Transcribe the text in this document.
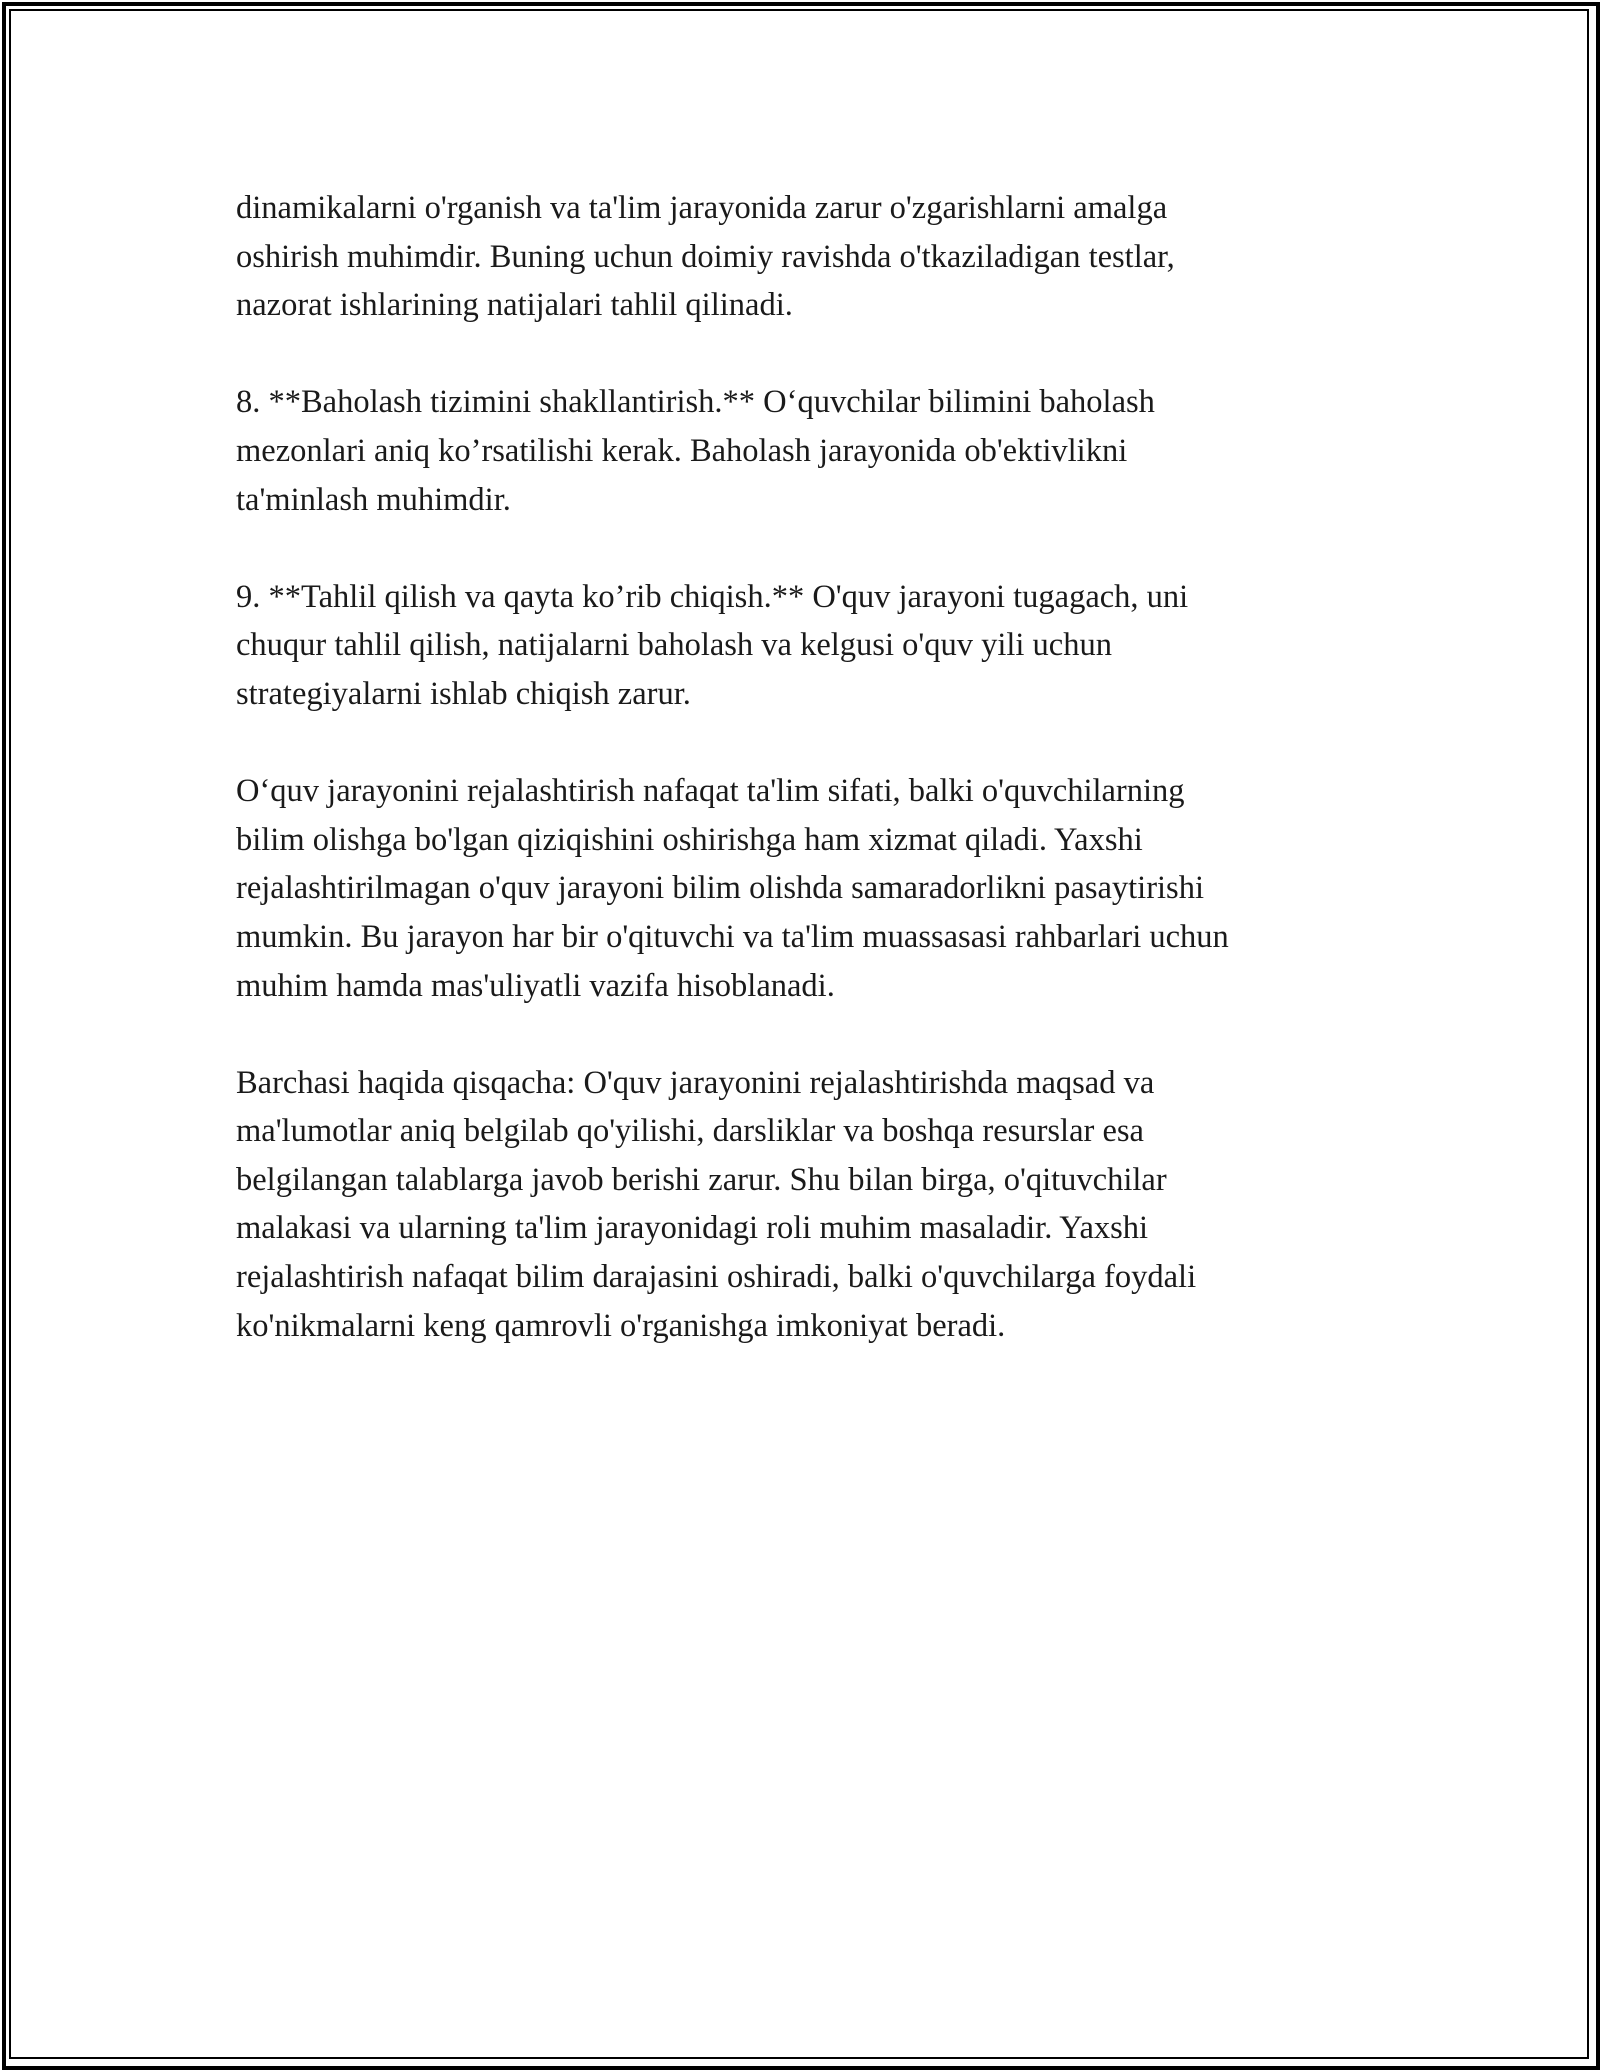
dinamikalarni o'rganish va ta'lim jarayonida zarur o'zgarishlarni amalga
oshirish muhimdir. Buning uchun doimiy ravishda o'tkaziladigan testlar,
nazorat ishlarining natijalari tahlil qilinadi.

8. **Baholash tizimini shakllantirish.** O‘quvchilar bilimini baholash
mezonlari aniq ko’rsatilishi kerak. Baholash jarayonida ob'ektivlikni
ta'minlash muhimdir.

9. **Tahlil qilish va qayta ko’rib chiqish.** O'quv jarayoni tugagach, uni
chuqur tahlil qilish, natijalarni baholash va kelgusi o'quv yili uchun
strategiyalarni ishlab chiqish zarur.

O‘quv jarayonini rejalashtirish nafaqat ta'lim sifati, balki o'quvchilarning
bilim olishga bo'lgan qiziqishini oshirishga ham xizmat qiladi. Yaxshi
rejalashtirilmagan o'quv jarayoni bilim olishda samaradorlikni pasaytirishi
mumkin. Bu jarayon har bir o'qituvchi va ta'lim muassasasi rahbarlari uchun
muhim hamda mas'uliyatli vazifa hisoblanadi.

Barchasi haqida qisqacha: O'quv jarayonini rejalashtirishda maqsad va
ma'lumotlar aniq belgilab qo'yilishi, darsliklar va boshqa resurslar esa
belgilangan talablarga javob berishi zarur. Shu bilan birga, o'qituvchilar
malakasi va ularning ta'lim jarayonidagi roli muhim masaladir. Yaxshi
rejalashtirish nafaqat bilim darajasini oshiradi, balki o'quvchilarga foydali
ko'nikmalarni keng qamrovli o'rganishga imkoniyat beradi.
